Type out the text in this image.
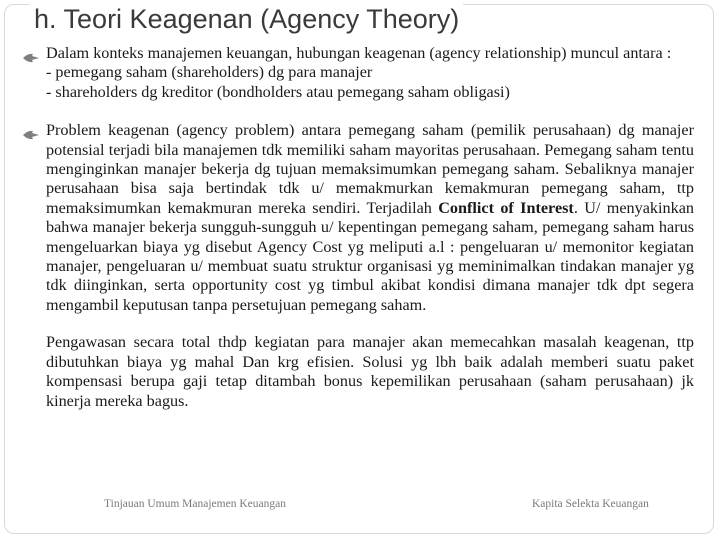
h. Teori Keagenan (Agency Theory)

Dalam konteks manajemen keuangan, hubungan keagenan (agency relationship) muncul antara :

- pemegang saham (shareholders) dg para manajer

- shareholders dg kreditor (bondholders atau pemegang saham obligasi)

Problem keagenan (agency problem) antara pemegang saham (pemilik perusahaan) dg manajer potensial terjadi bila manajemen tdk memiliki saham mayoritas perusahaan. Pemegang saham tentu menginginkan manajer bekerja dg tujuan memaksimumkan pemegang saham. Sebaliknya manajer perusahaan bisa saja bertindak tdk u/ memakmurkan kemakmuran pemegang saham, ttp memaksimumkan kemakmuran mereka sendiri. Terjadilah Conflict of Interest. U/ menyakinkan bahwa manajer bekerja sungguh-sungguh u/ kepentingan pemegang saham, pemegang saham harus mengeluarkan biaya yg disebut Agency Cost yg meliputi a.l : pengeluaran u/ memonitor kegiatan manajer, pengeluaran u/ membuat suatu struktur organisasi yg meminimalkan tindakan manajer yg tdk diinginkan, serta opportunity cost yg timbul akibat kondisi dimana manajer tdk dpt segera mengambil keputusan tanpa persetujuan pemegang saham.

Pengawasan secara total thdp kegiatan para manajer akan memecahkan masalah keagenan, ttp dibutuhkan biaya yg mahal Dan krg efisien. Solusi yg lbh baik adalah memberi suatu paket kompensasi berupa gaji tetap ditambah bonus kepemilikan perusahaan (saham perusahaan) jk kinerja mereka bagus.

Tinjauan Umum Manajemen Keuangan	Kapita Selekta Keuangan
